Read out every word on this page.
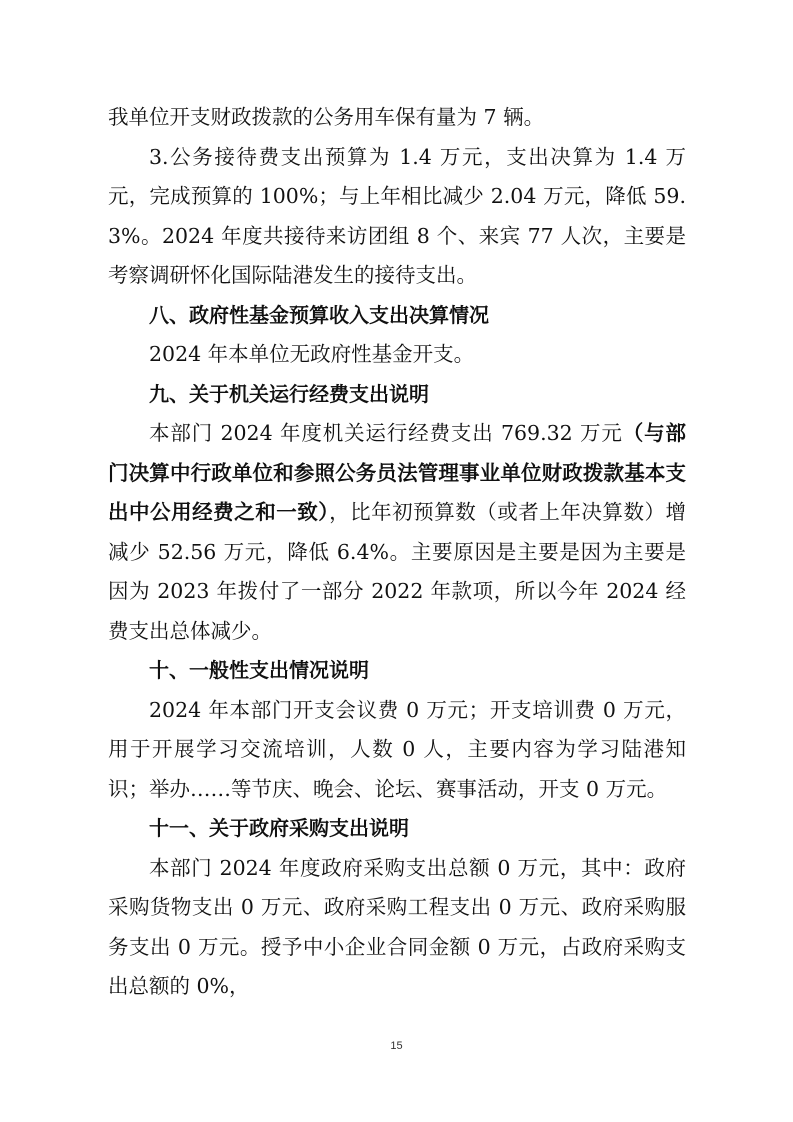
我单位开支财政拨款的公务用车保有量为 7 辆。

3.公务接待费支出预算为 1.4 万元，支出决算为 1.4 万元，完成预算的 100%；与上年相比减少 2.04 万元，降低 59.3%。2024 年度共接待来访团组 8 个、来宾 77 人次，主要是考察调研怀化国际陆港发生的接待支出。

八、政府性基金预算收入支出决算情况

2024 年本单位无政府性基金开支。

九、关于机关运行经费支出说明

本部门 2024 年度机关运行经费支出 769.32 万元（与部门决算中行政单位和参照公务员法管理事业单位财政拨款基本支出中公用经费之和一致），比年初预算数（或者上年决算数）增减少 52.56 万元，降低 6.4%。主要原因是主要是因为主要是因为 2023 年拨付了一部分 2022 年款项，所以今年 2024 经费支出总体减少。

十、一般性支出情况说明

2024 年本部门开支会议费 0 万元；开支培训费 0 万元，用于开展学习交流培训，人数 0 人，主要内容为学习陆港知识；举办……等节庆、晚会、论坛、赛事活动，开支 0 万元。

十一、关于政府采购支出说明

本部门 2024 年度政府采购支出总额 0 万元，其中：政府采购货物支出 0 万元、政府采购工程支出 0 万元、政府采购服务支出 0 万元。授予中小企业合同金额 0 万元，占政府采购支出总额的 0%，

15
